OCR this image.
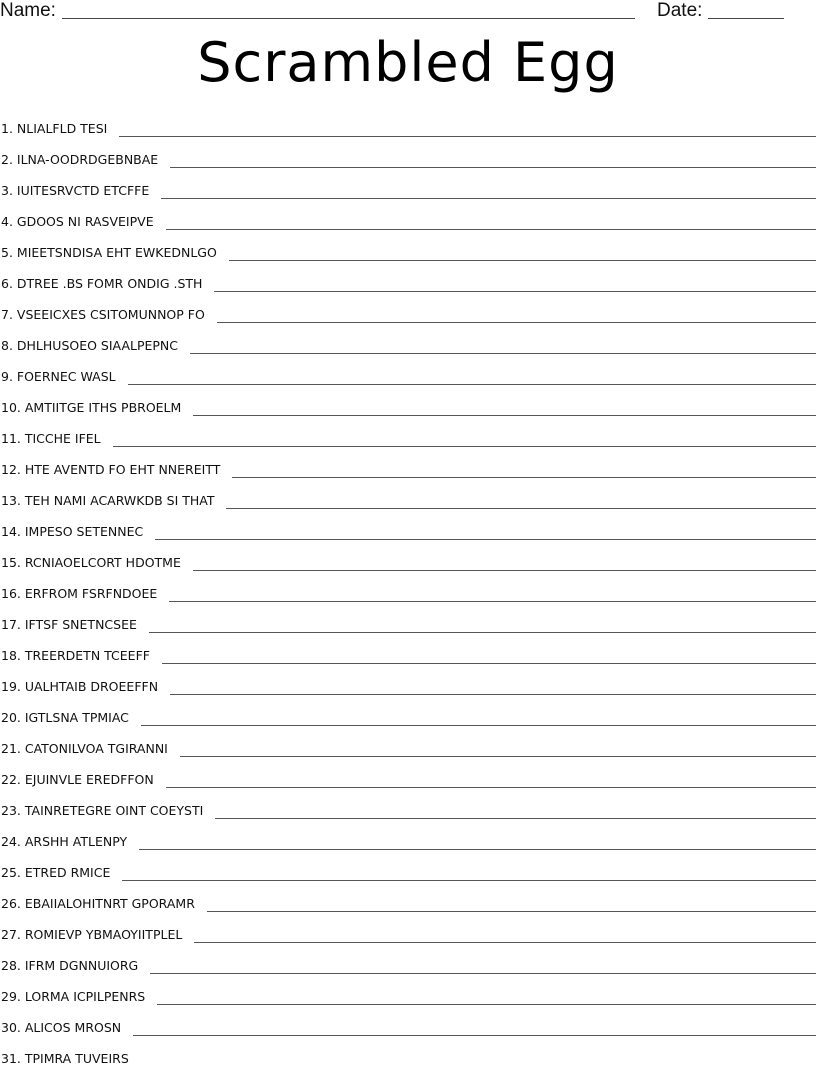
Name:	Date:
Scrambled Egg
1 . NLIALFLD TESI
2 . ILNA-OODRDGEBNBAE
3 . IUITESRVCTD ETCFFE
4 . GDOOS NI RASVEIPVE
5 . MIEETSNDISA EHT EWKEDNLGO
6 . DTREE .BS FOMR ONDIG .STH
7 . VSEEICXES CSITOMUNNOP FO
8 . DHLHUSOEO SIAALPEPNC
9 . FOERNEC WASL
10 . AMTIITGE ITHS PBROELM
11 . TICCHE IFEL
12 . HTE AVENTD FO EHT NNEREITT
13 . TEH NAMI ACARWKDB SI THAT
14 . IMPESO SETENNEC
15 . RCNIAOELCORT HDOTME
16 . ERFROM FSRFNDOEE
17 . IFTSF SNETNCSEE
18 . TREERDETN TCEEFF
19 . UALHTAIB DROEEFFN
20 . IGTLSNA TPMIAC
21 . CATONILVOA TGIRANNI
22 . EJUINVLE EREDFFON
23 . TAINRETEGRE OINT COEYSTI
24 . ARSHH ATLENPY
25 . ETRED RMICE
26 . EBAIIALOHITNRT GPORAMR
27 . ROMIEVP YBMAOYIITPLEL
28 . IFRM DGNNUIORG
29 . LORMA ICPILPENRS
30 . ALICOS MROSN
31 . TPIMRA TUVEIRS
